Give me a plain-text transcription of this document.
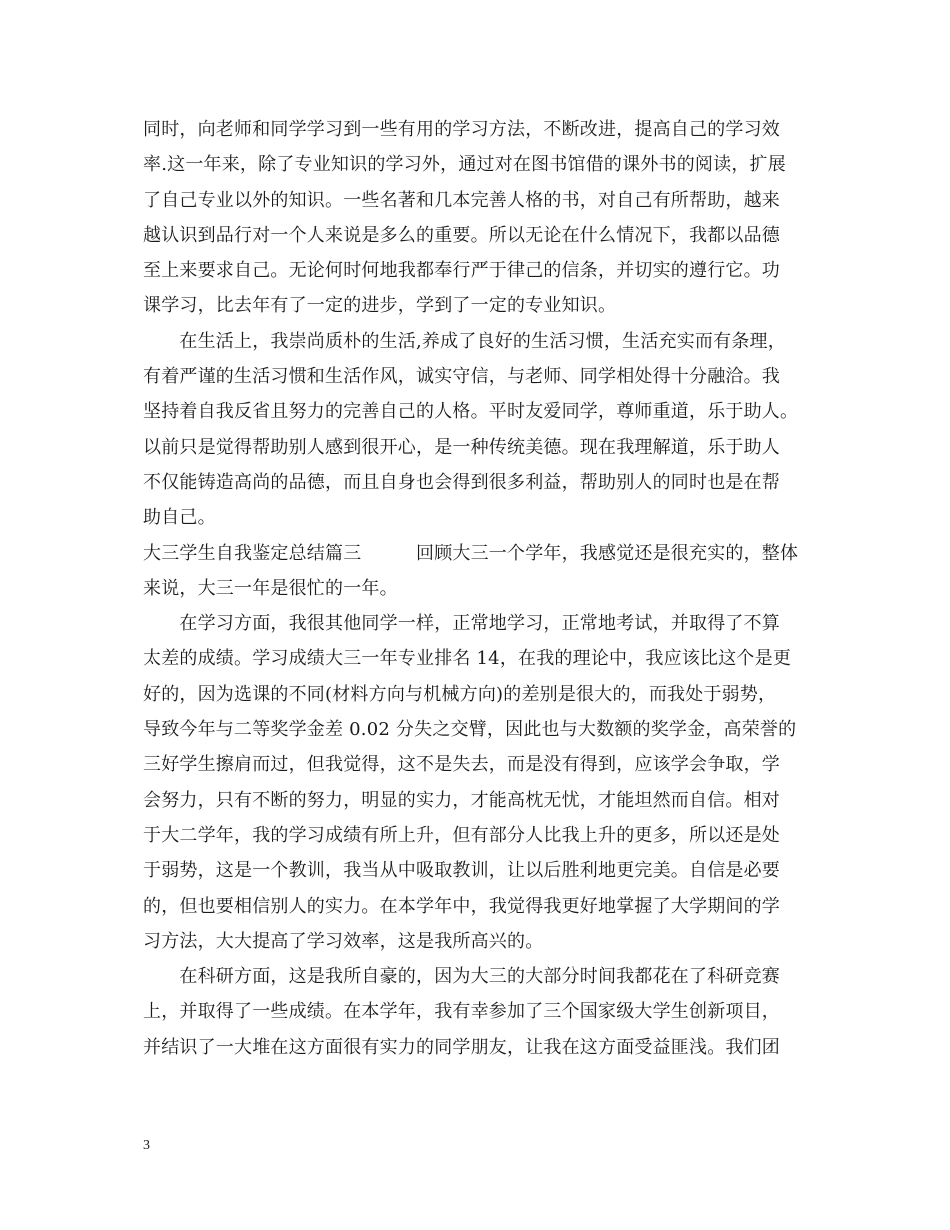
同时，向老师和同学学习到一些有用的学习方法，不断改进，提高自己的学习效
率.这一年来，除了专业知识的学习外，通过对在图书馆借的课外书的阅读，扩展
了自己专业以外的知识。一些名著和几本完善人格的书，对自己有所帮助，越来
越认识到品行对一个人来说是多么的重要。所以无论在什么情况下，我都以品德
至上来要求自己。无论何时何地我都奉行严于律己的信条，并切实的遵行它。功
课学习，比去年有了一定的进步，学到了一定的专业知识。
　　在生活上，我崇尚质朴的生活,养成了良好的生活习惯，生活充实而有条理，
有着严谨的生活习惯和生活作风，诚实守信，与老师、同学相处得十分融洽。我
坚持着自我反省且努力的完善自己的人格。平时友爱同学，尊师重道，乐于助人。
以前只是觉得帮助别人感到很开心，是一种传统美德。现在我理解道，乐于助人
不仅能铸造高尚的品德，而且自身也会得到很多利益，帮助别人的同时也是在帮
助自己。
大三学生自我鉴定总结篇三　　　回顾大三一个学年，我感觉还是很充实的，整体
来说，大三一年是很忙的一年。
　　在学习方面，我很其他同学一样，正常地学习，正常地考试，并取得了不算
太差的成绩。学习成绩大三一年专业排名 14，在我的理论中，我应该比这个是更
好的，因为选课的不同(材料方向与机械方向)的差别是很大的，而我处于弱势，
导致今年与二等奖学金差 0.02 分失之交臂，因此也与大数额的奖学金，高荣誉的
三好学生擦肩而过，但我觉得，这不是失去，而是没有得到，应该学会争取，学
会努力，只有不断的努力，明显的实力，才能高枕无忧，才能坦然而自信。相对
于大二学年，我的学习成绩有所上升，但有部分人比我上升的更多，所以还是处
于弱势，这是一个教训，我当从中吸取教训，让以后胜利地更完美。自信是必要
的，但也要相信别人的实力。在本学年中，我觉得我更好地掌握了大学期间的学
习方法，大大提高了学习效率，这是我所高兴的。
　　在科研方面，这是我所自豪的，因为大三的大部分时间我都花在了科研竞赛
上，并取得了一些成绩。在本学年，我有幸参加了三个国家级大学生创新项目，
并结识了一大堆在这方面很有实力的同学朋友，让我在这方面受益匪浅。我们团
3
